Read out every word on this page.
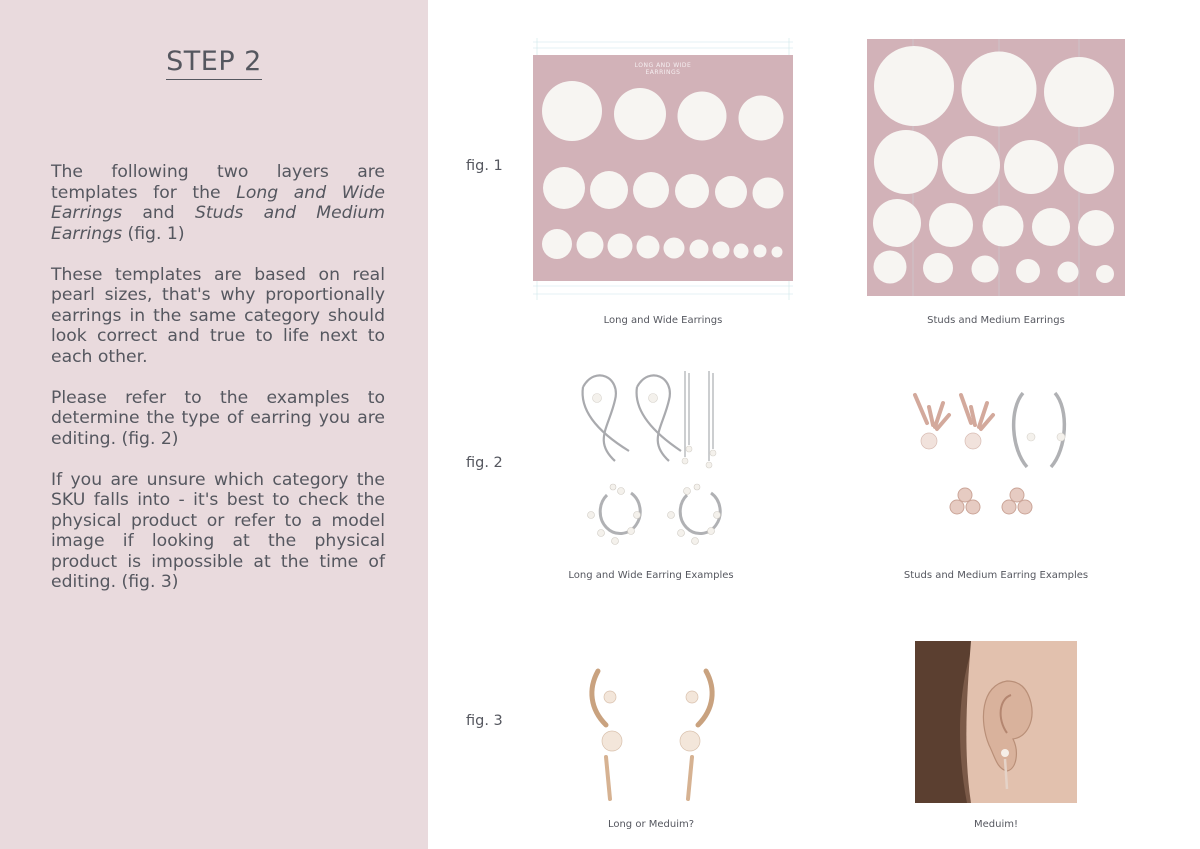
STEP 2

The following two layers are templates for the Long and Wide Earrings and Studs and Medium Earrings (fig. 1)

These templates are based on real pearl sizes, that's why proportionally earrings in the same category should look correct and true to life next to each other.

Please refer to the examples to determine the type of earring you are editing. (fig. 2)

If you are unsure which category the SKU falls into - it's best to check the physical product or refer to a model image if looking at the physical product is impossible at the time of editing. (fig. 3)

fig. 1
LONG AND WIDE EARRINGS
Long and Wide Earrings	Studs and Medium Earrings
fig. 2
Long and Wide Earring Examples	Studs and Medium Earring Examples
fig. 3
Long or Meduim?	Meduim!
